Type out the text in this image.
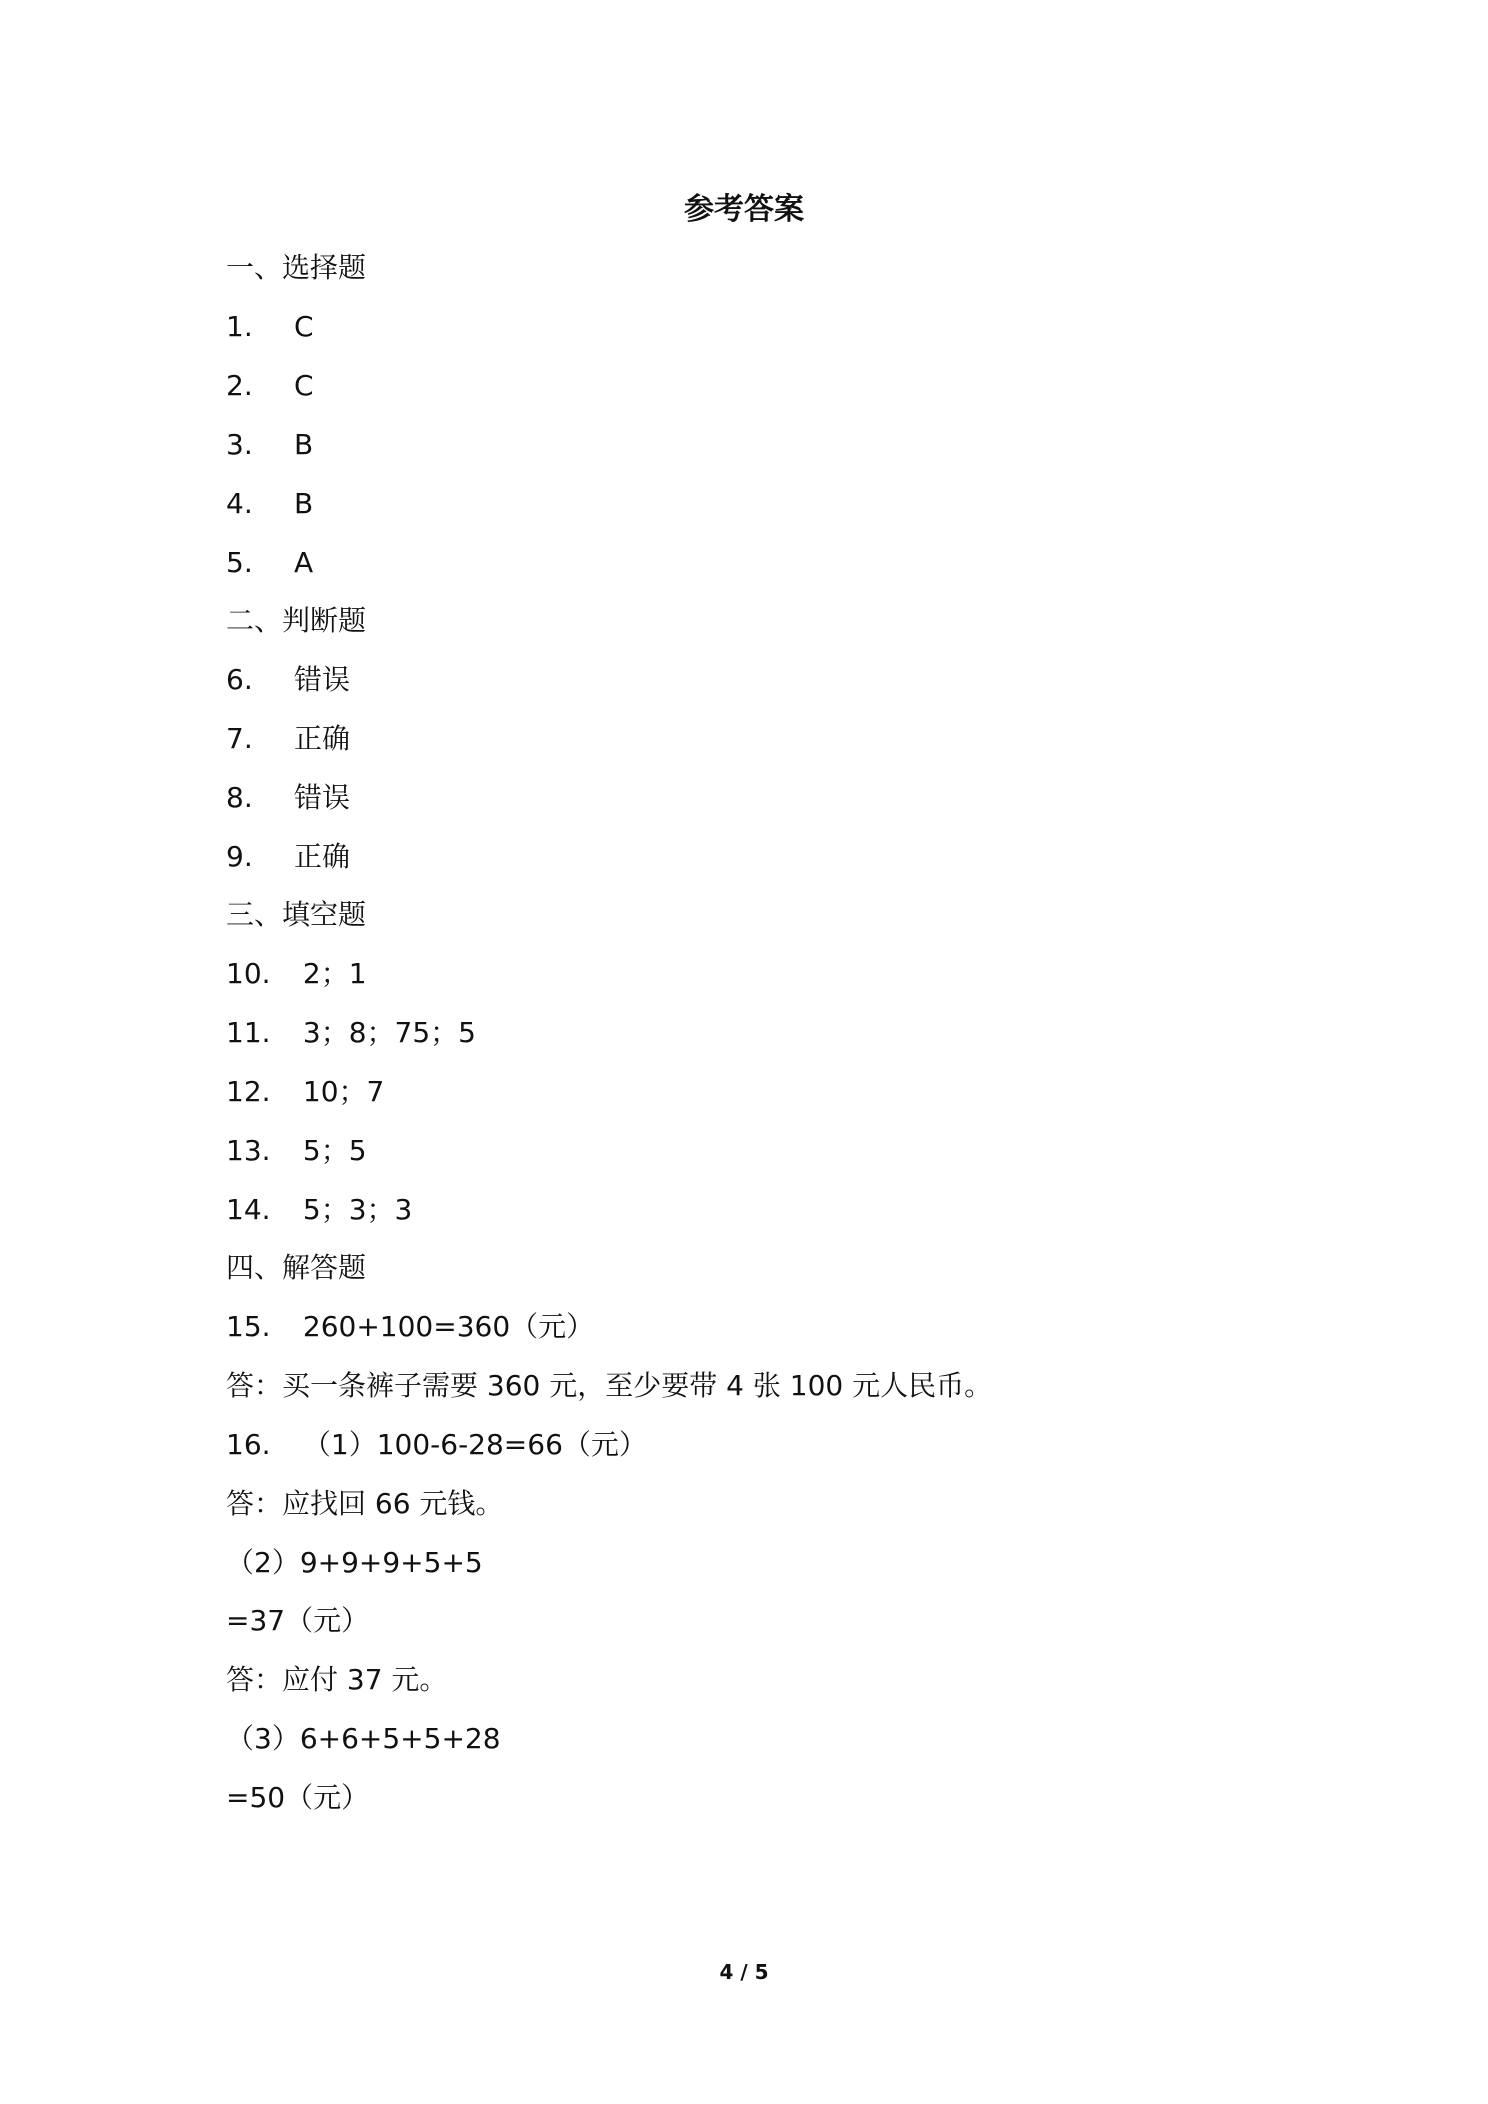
参考答案
一、选择题
1. C
2. C
3. B
4. B
5. A
二、判断题
6. 错误
7. 正确
8. 错误
9. 正确
三、填空题
10. 2；1
11. 3；8；75；5
12. 10；7
13. 5；5
14. 5；3；3
四、解答题
15. 260+100=360（元）
答：买一条裤子需要 360 元，至少要带 4 张 100 元人民币。
16. （1）100-6-28=66（元）
答：应找回 66 元钱。
（2）9+9+9+5+5
=37（元）
答：应付 37 元。
（3）6+6+5+5+28
=50（元）
4 / 5
